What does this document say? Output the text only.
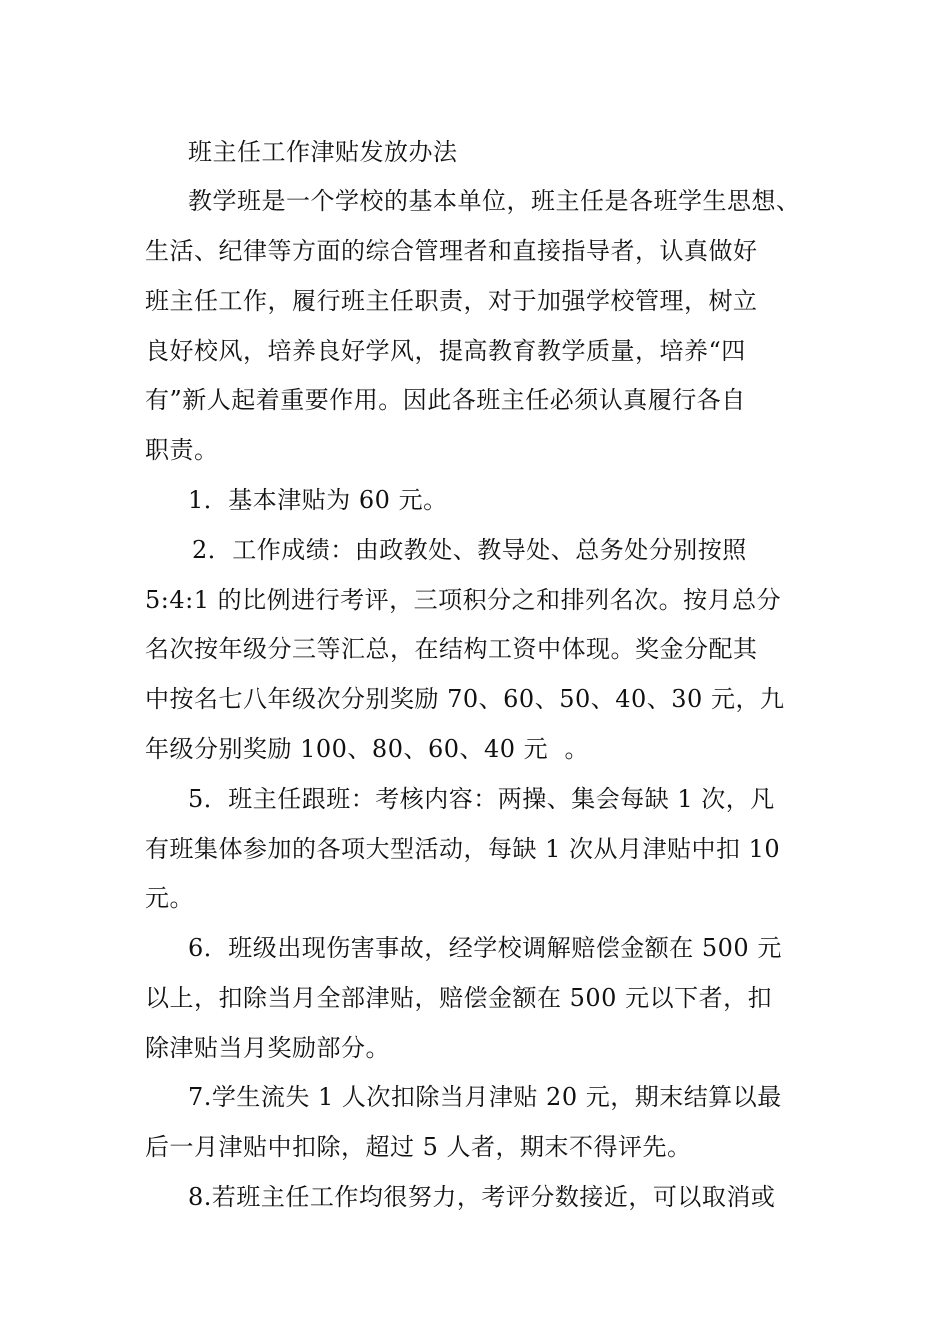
班主任工作津贴发放办法
教学班是一个学校的基本单位，班主任是各班学生思想、
生活、纪律等方面的综合管理者和直接指导者，认真做好
班主任工作，履行班主任职责，对于加强学校管理，树立
良好校风，培养良好学风，提高教育教学质量，培养“四
有”新人起着重要作用。因此各班主任必须认真履行各自
职责。
1．基本津贴为 60 元。
2．工作成绩：由政教处、教导处、总务处分别按照
5:4:1 的比例进行考评，三项积分之和排列名次。按月总分
名次按年级分三等汇总，在结构工资中体现。奖金分配其
中按名七八年级次分别奖励 70、60、50、40、30 元，九
年级分别奖励 100、80、60、40 元  。
5．班主任跟班：考核内容：两操、集会每缺 1 次，凡
有班集体参加的各项大型活动，每缺 1 次从月津贴中扣 10
元。
6．班级出现伤害事故，经学校调解赔偿金额在 500 元
以上，扣除当月全部津贴，赔偿金额在 500 元以下者，扣
除津贴当月奖励部分。
7.学生流失 1 人次扣除当月津贴 20 元，期末结算以最
后一月津贴中扣除，超过 5 人者，期末不得评先。
8.若班主任工作均很努力，考评分数接近，可以取消或
